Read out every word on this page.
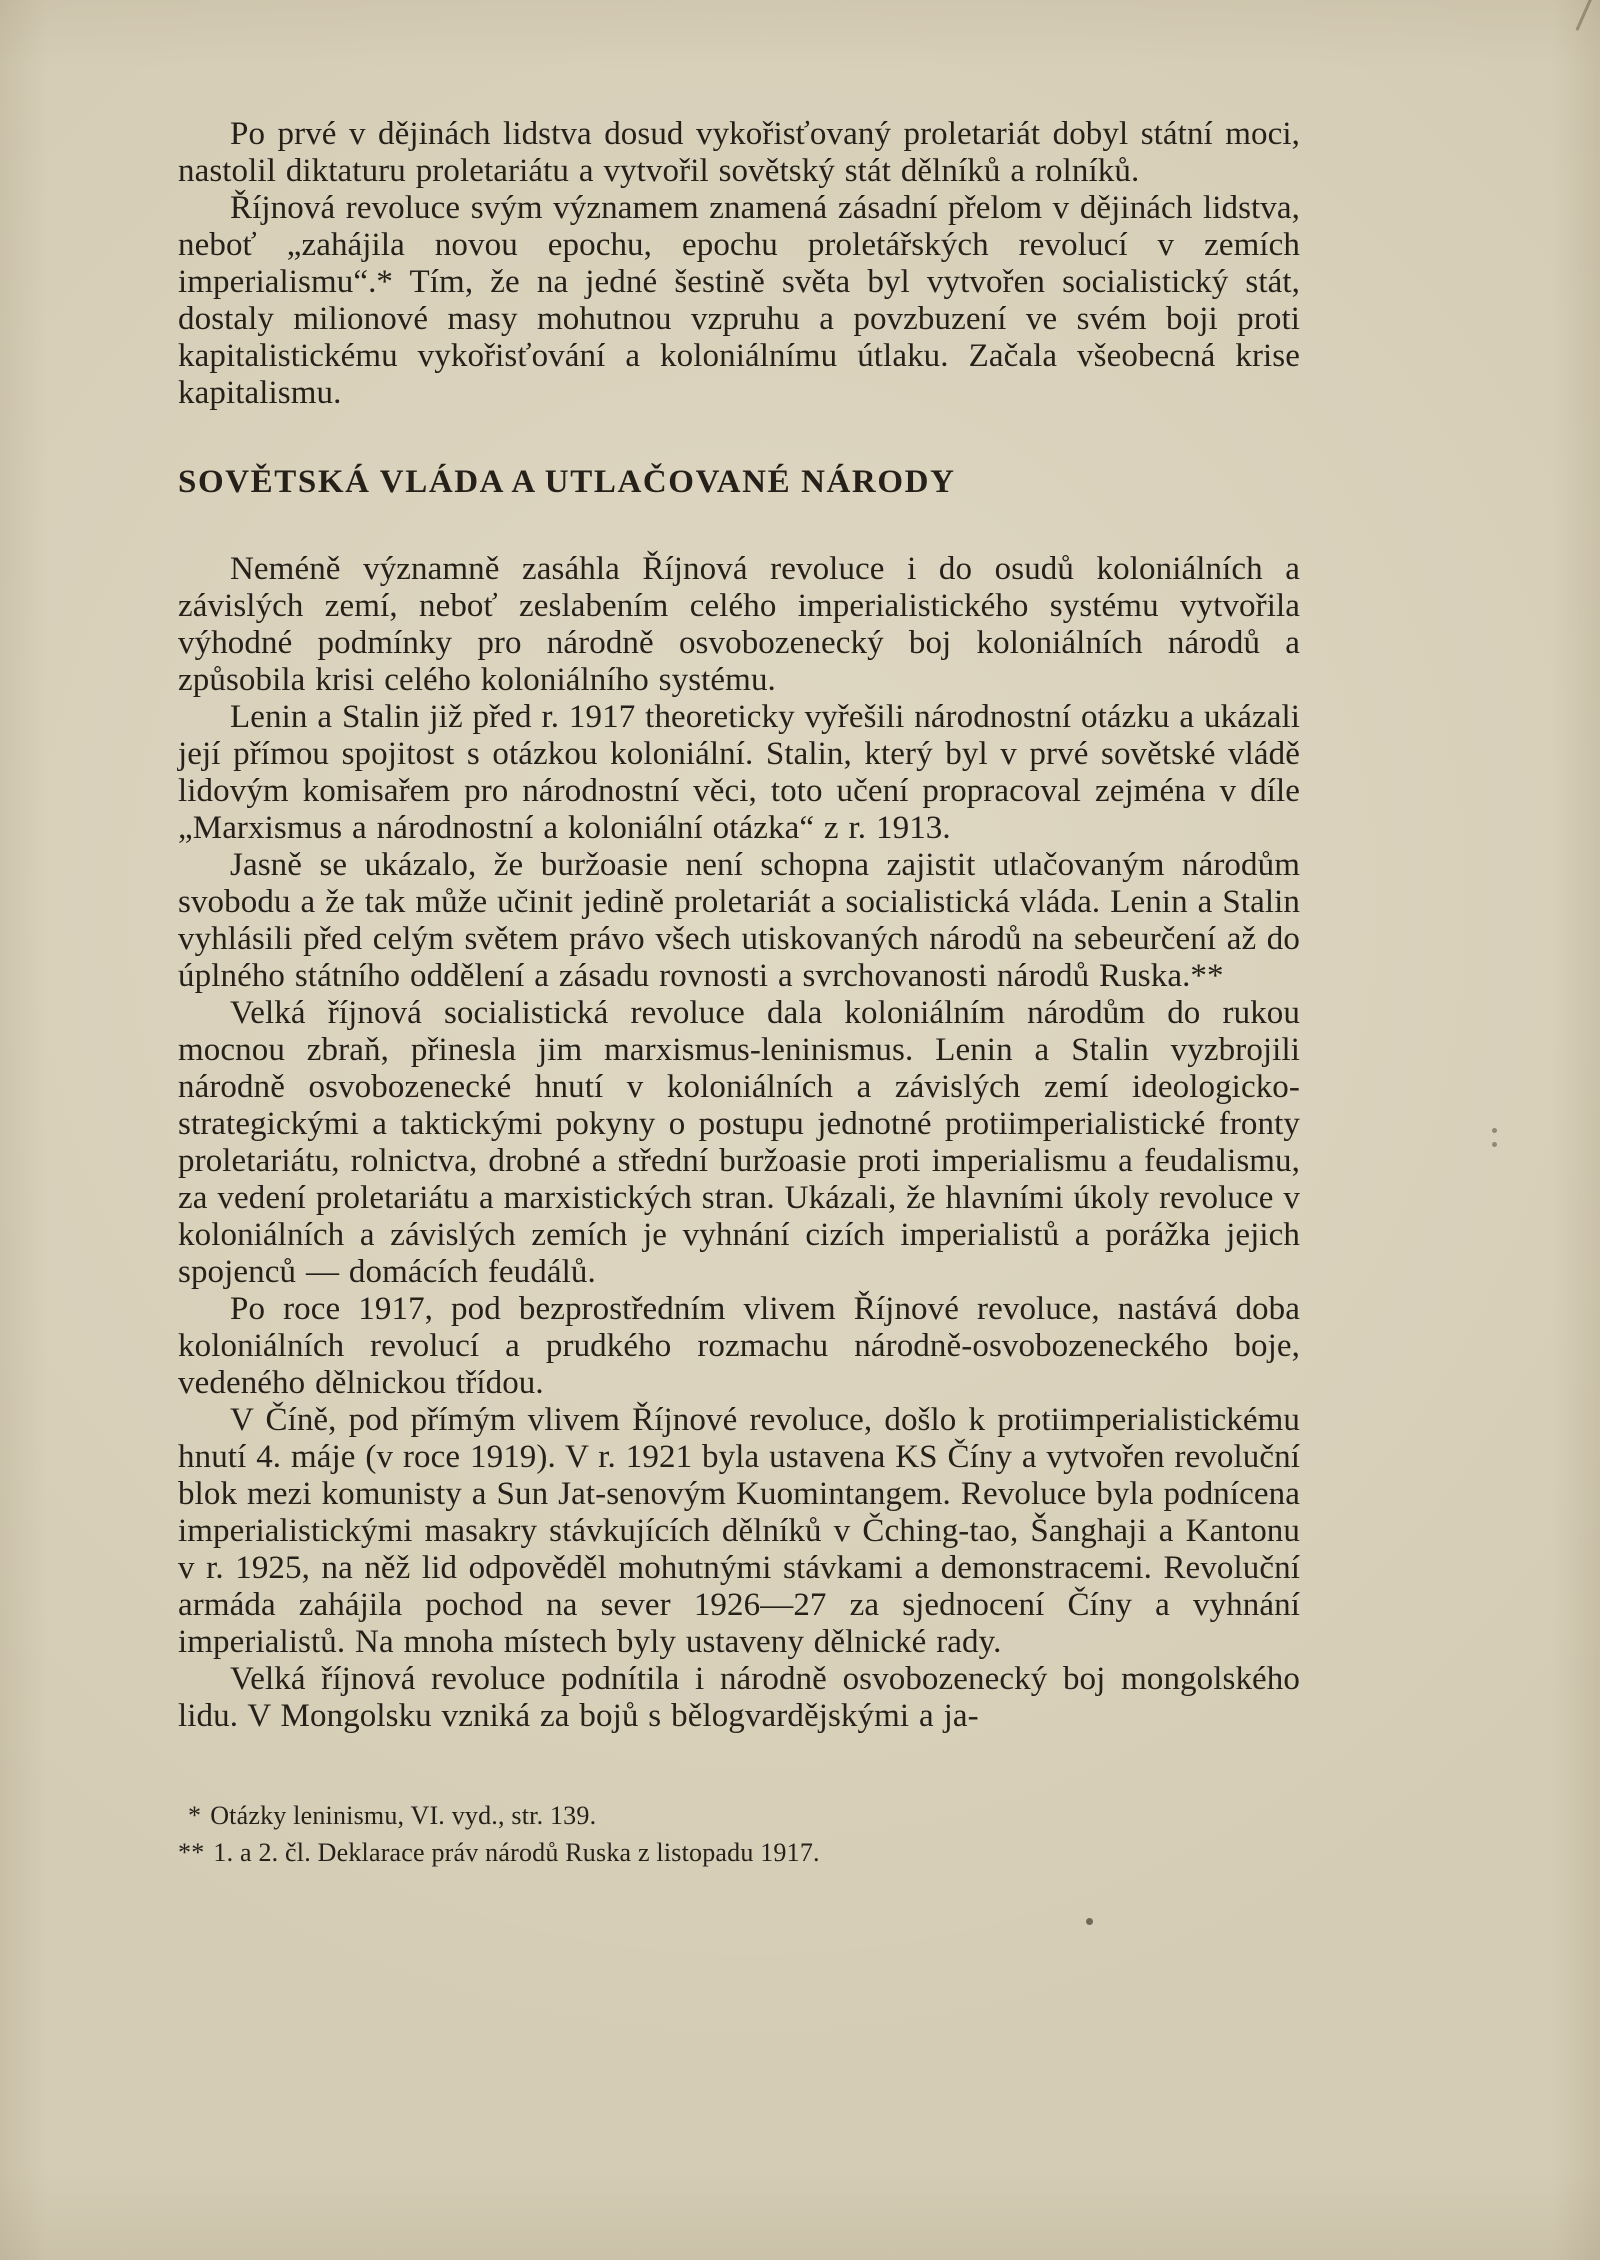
Po prvé v dějinách lidstva dosud vykořisťovaný proletariát dobyl státní moci, nastolil diktaturu proletariátu a vytvořil sovětský stát dělníků a rolníků.

Říjnová revoluce svým významem znamená zásadní přelom v dějinách lidstva, neboť „zahájila novou epochu, epochu proletářských revolucí v zemích imperialismu“.* Tím, že na jedné šestině světa byl vytvořen socialistický stát, dostaly milionové masy mohutnou vzpruhu a povzbuzení ve svém boji proti kapitalistickému vykořisťování a koloniálnímu útlaku. Začala všeobecná krise kapitalismu.

SOVĚTSKÁ VLÁDA A UTLAČOVANÉ NÁRODY

Neméně významně zasáhla Říjnová revoluce i do osudů koloniálních a závislých zemí, neboť zeslabením celého imperialistického systému vytvořila výhodné podmínky pro národně osvobozenecký boj koloniálních národů a způsobila krisi celého koloniálního systému.

Lenin a Stalin již před r. 1917 theoreticky vyřešili národnostní otázku a ukázali její přímou spojitost s otázkou koloniální. Stalin, který byl v prvé sovětské vládě lidovým komisařem pro národnostní věci, toto učení propracoval zejména v díle „Marxismus a národnostní a koloniální otázka“ z r. 1913.

Jasně se ukázalo, že buržoasie není schopna zajistit utlačovaným národům svobodu a že tak může učinit jedině proletariát a socialistická vláda. Lenin a Stalin vyhlásili před celým světem právo všech utiskovaných národů na sebeurčení až do úplného státního oddělení a zásadu rovnosti a svrchovanosti národů Ruska.**

Velká říjnová socialistická revoluce dala koloniálním národům do rukou mocnou zbraň, přinesla jim marxismus-leninismus. Lenin a Stalin vyzbrojili národně osvobozenecké hnutí v koloniálních a závislých zemí ideologicko-strategickými a taktickými pokyny o postupu jednotné protiimperialistické fronty proletariátu, rolnictva, drobné a střední buržoasie proti imperialismu a feudalismu, za vedení proletariátu a marxistických stran. Ukázali, že hlavními úkoly revoluce v koloniálních a závislých zemích je vyhnání cizích imperialistů a porážka jejich spojenců — domácích feudálů.

Po roce 1917, pod bezprostředním vlivem Říjnové revoluce, nastává doba koloniálních revolucí a prudkého rozmachu národně-osvobozeneckého boje, vedeného dělnickou třídou.

V Číně, pod přímým vlivem Říjnové revoluce, došlo k protiimperialistickému hnutí 4. máje (v roce 1919). V r. 1921 byla ustavena KS Číny a vytvořen revoluční blok mezi komunisty a Sun Jat-senovým Kuomintangem. Revoluce byla podnícena imperialistickými masakry stávkujících dělníků v Čching-tao, Šanghaji a Kantonu v r. 1925, na něž lid odpověděl mohutnými stávkami a demonstracemi. Revoluční armáda zahájila pochod na sever 1926—27 za sjednocení Číny a vyhnání imperialistů. Na mnoha místech byly ustaveny dělnické rady.

Velká říjnová revoluce podnítila i národně osvobozenecký boj mongolského lidu. V Mongolsku vzniká za bojů s bělogvardějskými a ja-

* Otázky leninismu, VI. vyd., str. 139.

** 1. a 2. čl. Deklarace práv národů Ruska z listopadu 1917.
